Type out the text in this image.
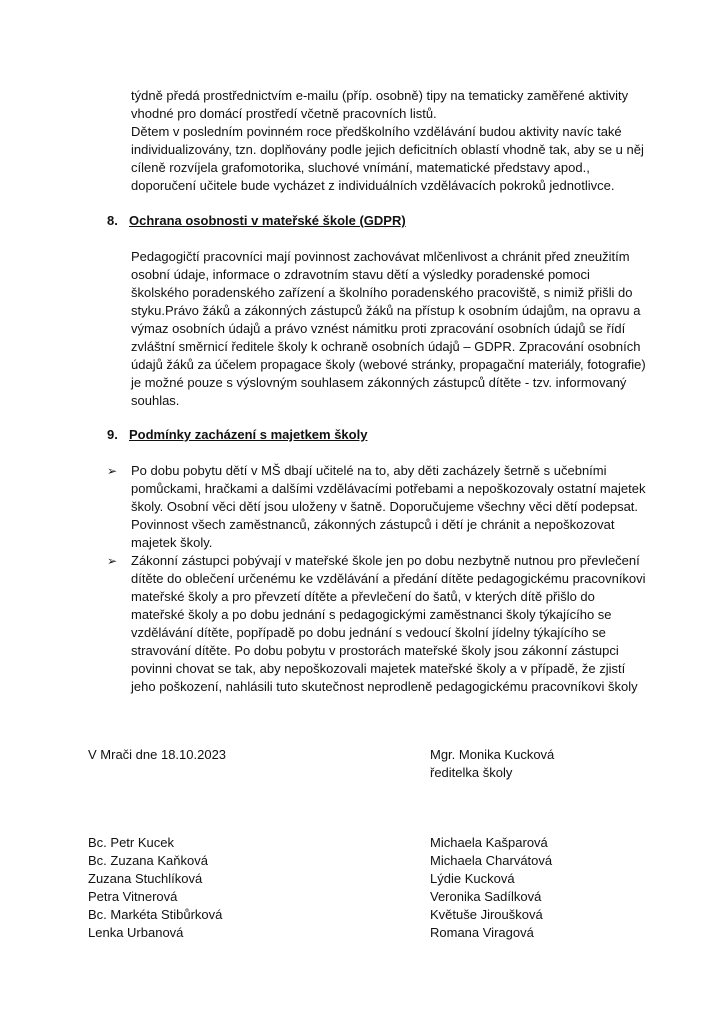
týdně předá prostřednictvím e-mailu (příp. osobně) tipy na tematicky zaměřené aktivity vhodné pro domácí prostředí včetně pracovních listů.

Dětem v posledním povinném roce předškolního vzdělávání budou aktivity navíc také individualizovány, tzn. doplňovány podle jejich deficitních oblastí vhodně tak, aby se u něj cíleně rozvíjela grafomotorika, sluchové vnímání, matematické představy apod., doporučení učitele bude vycházet z individuálních vzdělávacích pokroků jednotlivce.

8. Ochrana osobnosti v mateřské škole (GDPR)

Pedagogičtí pracovníci mají povinnost zachovávat mlčenlivost a chránit před zneužitím osobní údaje, informace o zdravotním stavu dětí a výsledky poradenské pomoci školského poradenského zařízení a školního poradenského pracoviště, s nimiž přišli do styku.Právo žáků a zákonných zástupců žáků na přístup k osobním údajům, na opravu a výmaz osobních údajů a právo vznést námitku proti zpracování osobních údajů se řídí zvláštní směrnicí ředitele školy k ochraně osobních údajů – GDPR. Zpracování osobních údajů žáků za účelem propagace školy (webové stránky, propagační materiály, fotografie) je možné pouze s výslovným souhlasem zákonných zástupců dítěte - tzv. informovaný souhlas.

9. Podmínky zacházení s majetkem školy
➢ Po dobu pobytu dětí v MŠ dbají učitelé na to, aby děti zacházely šetrně s učebními pomůckami, hračkami a dalšími vzdělávacími potřebami a nepoškozovaly ostatní majetek školy. Osobní věci dětí jsou uloženy v šatně. Doporučujeme všechny věci dětí podepsat. Povinnost všech zaměstnanců, zákonných zástupců i dětí je chránit a nepoškozovat majetek školy.

➢ Zákonní zástupci pobývají v mateřské škole jen po dobu nezbytně nutnou pro převlečení dítěte do oblečení určenému ke vzdělávání a předání dítěte pedagogickému pracovníkovi mateřské školy a pro převzetí dítěte a převlečení do šatů, v kterých dítě přišlo do mateřské školy a po dobu jednání s pedagogickými zaměstnanci školy týkajícího se vzdělávání dítěte, popřípadě po dobu jednání s vedoucí školní jídelny týkajícího se stravování dítěte. Po dobu pobytu v prostorách mateřské školy jsou zákonní zástupci povinni chovat se tak, aby nepoškozovali majetek mateřské školy a v případě, že zjistí jeho poškození, nahlásili tuto skutečnost neprodleně pedagogickému pracovníkovi školy

V Mrači dne 18.10.2023	Mgr. Monika Kucková
ředitelka školy
Bc. Petr Kucek
Bc. Zuzana Kaňková
Zuzana Stuchlíková
Petra Vitnerová
Bc. Markéta Stibůrková
Lenka Urbanová
Michaela Kašparová
Michaela Charvátová
Lýdie Kucková
Veronika Sadílková
Květuše Jiroušková
Romana Viragová
